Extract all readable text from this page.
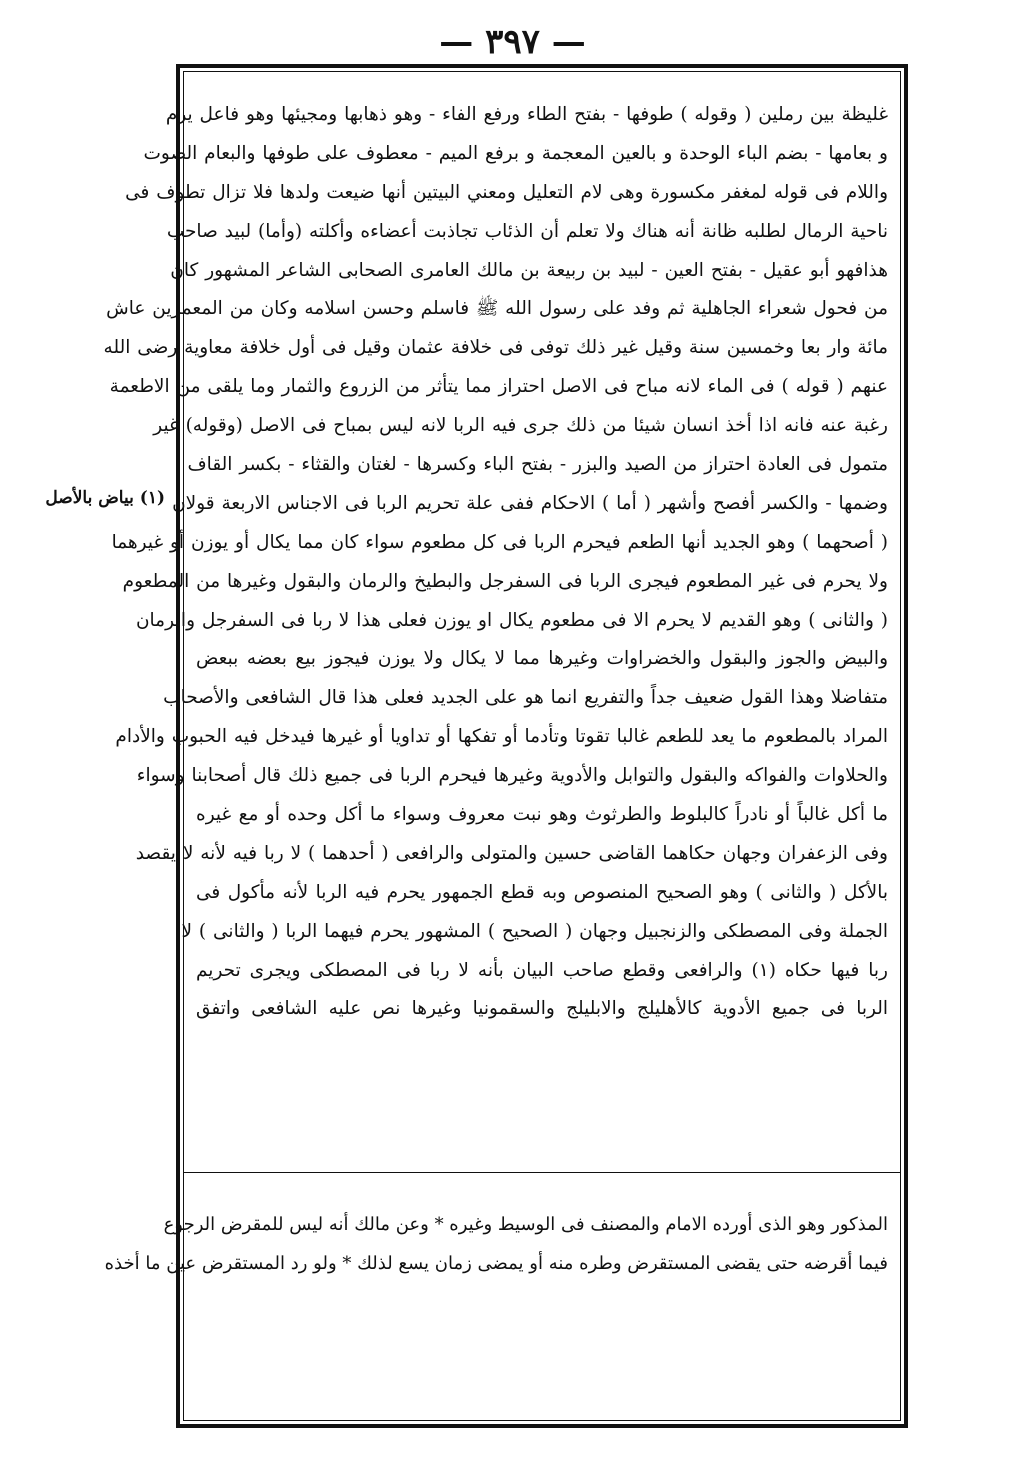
— ٣٩٧ —
(١) بياض بالأصل
غليظة بين رملين ( وقوله ) طوفها - بفتح الطاء ورفع الفاء - وهو ذهابها ومجيئها وهو فاعل يرم
و بعامها - بضم الباء الوحدة و بالعين المعجمة و برفع الميم - معطوف على طوفها والبعام الصوت
واللام فى قوله لمغفر مكسورة وهى لام التعليل ومعني البيتين أنها ضيعت ولدها فلا تزال تطوف فى
ناحية الرمال لطلبه ظانة أنه هناك ولا تعلم أن الذئاب تجاذبت أعضاءه وأكلته (وأما) لبيد صاحب
هذافهو أبو عقيل - بفتح العين - لبيد بن ربيعة بن مالك العامرى الصحابى الشاعر المشهور كان
من فحول شعراء الجاهلية ثم وفد على رسول الله ﷺ فاسلم وحسن اسلامه وكان من المعمرين عاش
مائة وار بعا وخمسين سنة وقيل غير ذلك توفى فى خلافة عثمان وقيل فى أول خلافة معاوية رضى الله
عنهم ( قوله ) فى الماء لانه مباح فى الاصل احتراز مما يتأثر من الزروع والثمار وما يلقى من الاطعمة
رغبة عنه فانه اذا أخذ انسان شيئا من ذلك جرى فيه الربا لانه ليس بمباح فى الاصل (وقوله) غير
متمول فى العادة احتراز من الصيد والبزر - بفتح الباء وكسرها - لغتان والقثاء - بكسر القاف
وضمها - والكسر أفصح وأشهر ( أما ) الاحكام ففى علة تحريم الربا فى الاجناس الاربعة قولان
( أصحهما ) وهو الجديد أنها الطعم فيحرم الربا فى كل مطعوم سواء كان مما يكال أو يوزن أو غيرهما
ولا يحرم فى غير المطعوم فيجرى الربا فى السفرجل والبطيخ والرمان والبقول وغيرها من المطعوم
( والثانى ) وهو القديم لا يحرم الا فى مطعوم يكال او يوزن فعلى هذا لا ربا فى السفرجل والرمان
والبيض والجوز والبقول والخضراوات وغيرها مما لا يكال ولا يوزن فيجوز بيع بعضه ببعض
متفاضلا وهذا القول ضعيف جداً والتفريع انما هو على الجديد فعلى هذا قال الشافعى والأصحاب
المراد بالمطعوم ما يعد للطعم غالبا تقوتا وتأدما أو تفكها أو تداويا أو غيرها فيدخل فيه الحبوب والأدام
والحلاوات والفواكه والبقول والتوابل والأدوية وغيرها فيحرم الربا فى جميع ذلك قال أصحابنا وسواء
ما أكل غالباً أو نادراً كالبلوط والطرثوث وهو نبت معروف وسواء ما أكل وحده أو مع غيره
وفى الزعفران وجهان حكاهما القاضى حسين والمتولى والرافعى ( أحدهما ) لا ربا فيه لأنه لا يقصد
بالأكل ( والثانى ) وهو الصحيح المنصوص وبه قطع الجمهور يحرم فيه الربا لأنه مأكول فى
الجملة وفى المصطكى والزنجبيل وجهان ( الصحيح ) المشهور يحرم فيهما الربا ( والثانى ) لا
ربا فيها حكاه (١) والرافعى وقطع صاحب البيان بأنه لا ربا فى المصطكى ويجرى تحريم
الربا فى جميع الأدوية كالأهليلج والابليلج والسقمونيا وغيرها نص عليه الشافعى واتفق
المذكور وهو الذى أورده الامام والمصنف فى الوسيط وغيره * وعن مالك أنه ليس للمقرض الرجوع
فيما أقرضه حتى يقضى المستقرض وطره منه أو يمضى زمان يسع لذلك * ولو رد المستقرض عين ما أخذه
